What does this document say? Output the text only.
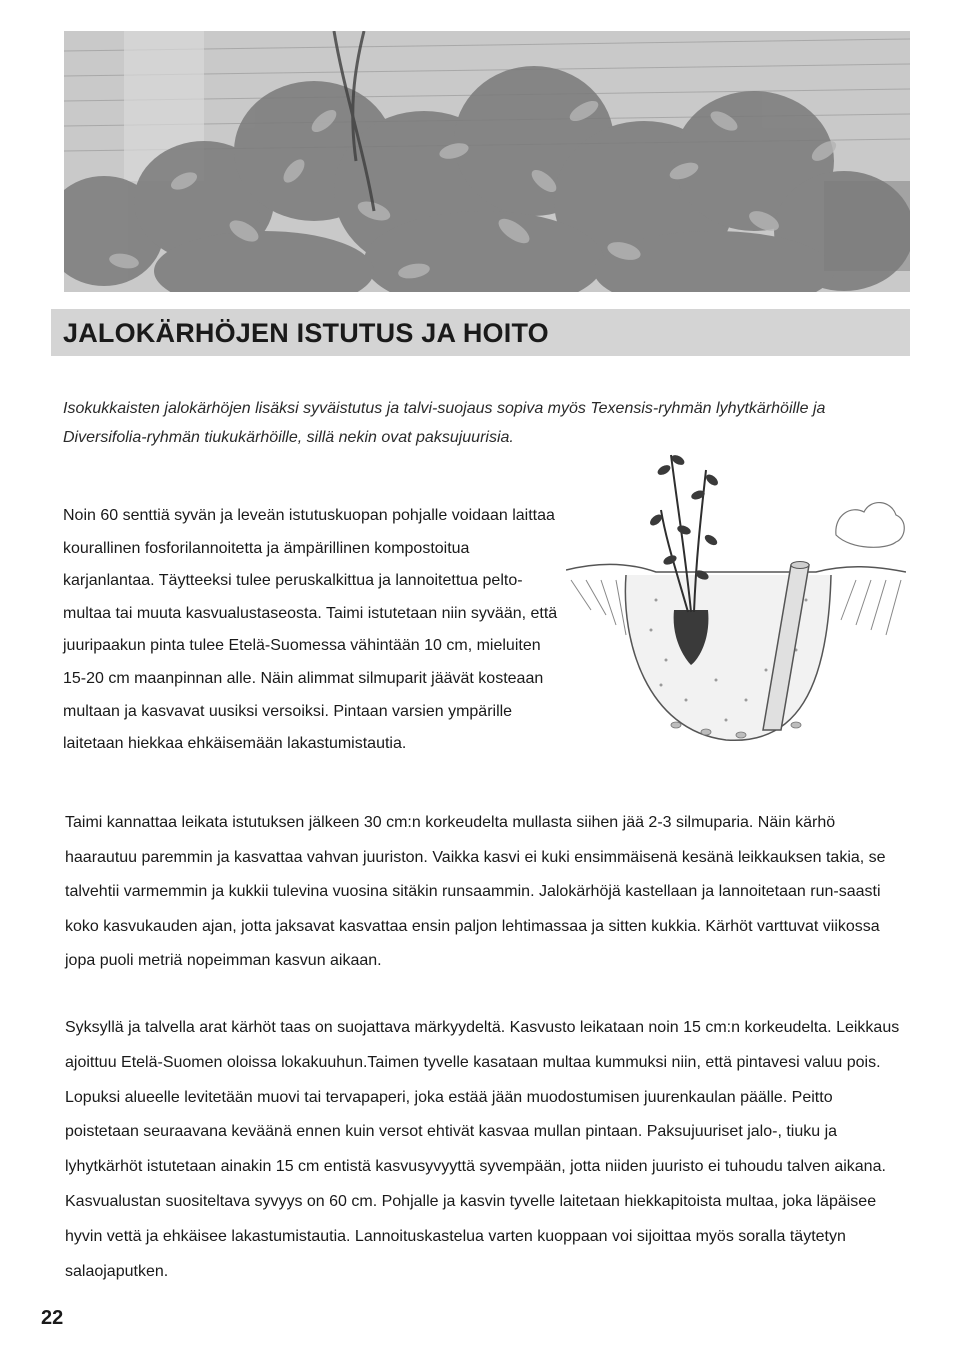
JALOKÄRHÖJEN ISTUTUS JA HOITO

Isokukkaisten jalokärhöjen lisäksi syväistutus ja talvi-suojaus sopiva myös Texensis-ryhmän lyhytkärhöille ja Diversifolia-ryhmän tiukukärhöille, sillä nekin ovat paksujuurisia.

Noin 60 senttiä syvän ja leveän istutuskuopan pohjalle voidaan laittaa kourallinen fosforilannoitetta ja ämpärillinen kompostoitua karjanlantaa. Täytteeksi tulee peruskalkittua ja lannoitettua pelto-multaa tai muuta kasvualustaseosta. Taimi istutetaan niin syvään, että juuripaakun pinta tulee Etelä-Suomessa vähintään 10 cm, mieluiten 15-20 cm maanpinnan alle. Näin alimmat silmuparit jäävät kosteaan multaan ja kasvavat uusiksi versoiksi. Pintaan varsien ympärille laitetaan hiekkaa ehkäisemään lakastumistautia.

Taimi kannattaa leikata istutuksen jälkeen 30 cm:n korkeudelta mullasta siihen jää 2-3 silmuparia. Näin kärhö haarautuu paremmin ja kasvattaa vahvan juuriston. Vaikka kasvi ei kuki ensimmäisenä kesänä leikkauksen takia, se talvehtii varmemmin ja kukkii tulevina vuosina sitäkin runsaammin. Jalokärhöjä kastellaan ja lannoitetaan run-saasti koko kasvukauden ajan, jotta jaksavat kasvattaa ensin paljon lehtimassaa ja sitten kukkia. Kärhöt varttuvat viikossa jopa puoli metriä nopeimman kasvun aikaan.

Syksyllä ja talvella arat kärhöt taas on suojattava märkyydeltä. Kasvusto leikataan noin 15 cm:n korkeudelta. Leikkaus ajoittuu Etelä-Suomen oloissa lokakuuhun.Taimen tyvelle kasataan multaa kummuksi niin, että pintavesi valuu pois. Lopuksi alueelle levitetään muovi tai tervapaperi, joka estää jään muodostumisen juurenkaulan päälle. Peitto poistetaan seuraavana keväänä ennen kuin versot ehtivät kasvaa mullan pintaan. Paksujuuriset jalo-, tiuku ja lyhytkärhöt istutetaan ainakin 15 cm entistä kasvusyvyyttä syvempään, jotta niiden juuristo ei tuhoudu talven aikana. Kasvualustan suositeltava syvyys on 60 cm. Pohjalle ja kasvin tyvelle laitetaan hiekkapitoista multaa, joka läpäisee hyvin vettä ja ehkäisee lakastumistautia. Lannoituskastelua varten kuoppaan voi sijoittaa myös soralla täytetyn salaojaputken.

22
